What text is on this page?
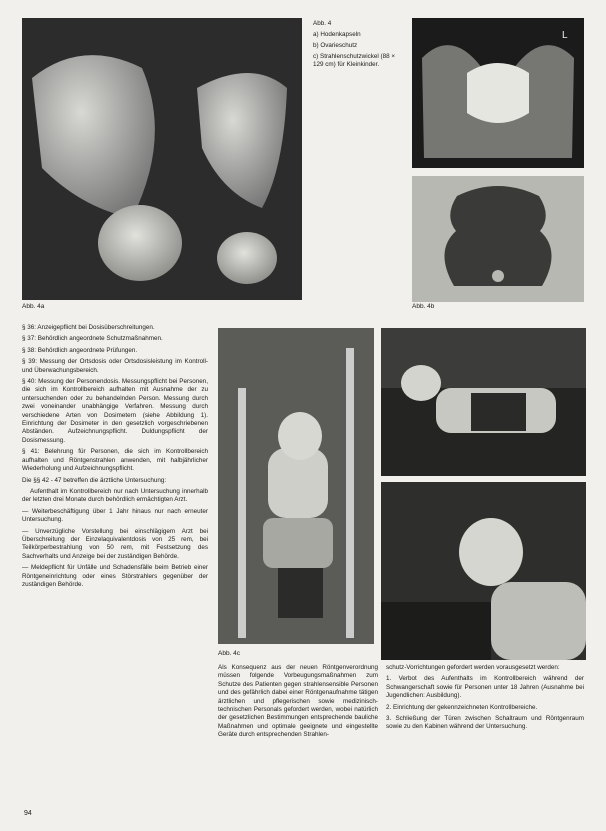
Abb. 4a
Abb. 4
a) Hodenkapseln
b) Ovarieschutz
c) Strahlenschutzwickel (88 × 129 cm) für Kleinkinder.
L
Abb. 4b

§ 36: Anzeigepflicht bei Dosisüberschreitungen.

§ 37: Behördlich angeordnete Schutzmaßnahmen.

§ 38: Behördlich angeordnete Prüfungen.

§ 39: Messung der Ortsdosis oder Ortsdosisleistung im Kontroll- und Überwachungsbereich.

§ 40: Messung der Personendosis. Messungspflicht bei Personen, die sich im Kontrollbereich aufhalten mit Ausnahme der zu untersuchenden oder zu behandelnden Person. Messung durch zwei voneinander unabhängige Verfahren. Messung durch verschiedene Arten von Dosimetern (siehe Abbildung 1). Einrichtung der Dosimeter in den gesetzlich vorgeschriebenen Abständen. Aufzeichnungspflicht. Duldungspflicht der Dosismessung.

§ 41: Belehrung für Personen, die sich im Kontrollbereich aufhalten und Röntgenstrahlen anwenden, mit halbjährlicher Wiederholung und Aufzeichnungspflicht.

Die §§ 42 - 47 betreffen die ärztliche Untersuchung:

Aufenthalt im Kontrollbereich nur nach Untersuchung innerhalb der letzten drei Monate durch behördlich ermächtigten Arzt.

— Weiterbeschäftigung über 1 Jahr hinaus nur nach erneuter Untersuchung.

— Unverzügliche Vorstellung bei einschlägigem Arzt bei Überschreitung der Einzelaquivalentdosis von 25 rem, bei Teilkörperbestrahlung von 50 rem, mit Festsetzung des Sachverhalts und Anzeige bei der zuständigen Behörde.

— Meldepflicht für Unfälle und Schadensfälle beim Betrieb einer Röntgeneinrichtung oder eines Störstrahlers gegenüber der zuständigen Behörde.

Abb. 4c

Als Konsequenz aus der neuen Röntgenverordnung müssen folgende Vorbeugungsmaßnahmen zum Schutze des Patienten gegen strahlensensible Personen und des gefährlich dabei einer Röntgenaufnahme tätigen ärztlichen und pflegerischen sowie medizinisch-technischen Personals gefordert werden, wobei natürlich der gesetzlichen Bestimmungen entsprechende bauliche Maßnahmen und optimale geeignete und eingestellte Geräte durch entsprechenden Strahlen-

schutz-Vorrichtungen gefordert werden vorausgesetzt werden:

1. Verbot des Aufenthalts im Kontrollbereich während der Schwangerschaft sowie für Personen unter 18 Jahren (Ausnahme bei Jugendlichen: Ausbildung).

2. Einrichtung der gekennzeichneten Kontrollbereiche.

3. Schließung der Türen zwischen Schaltraum und Röntgenraum sowie zu den Kabinen während der Untersuchung.

94
